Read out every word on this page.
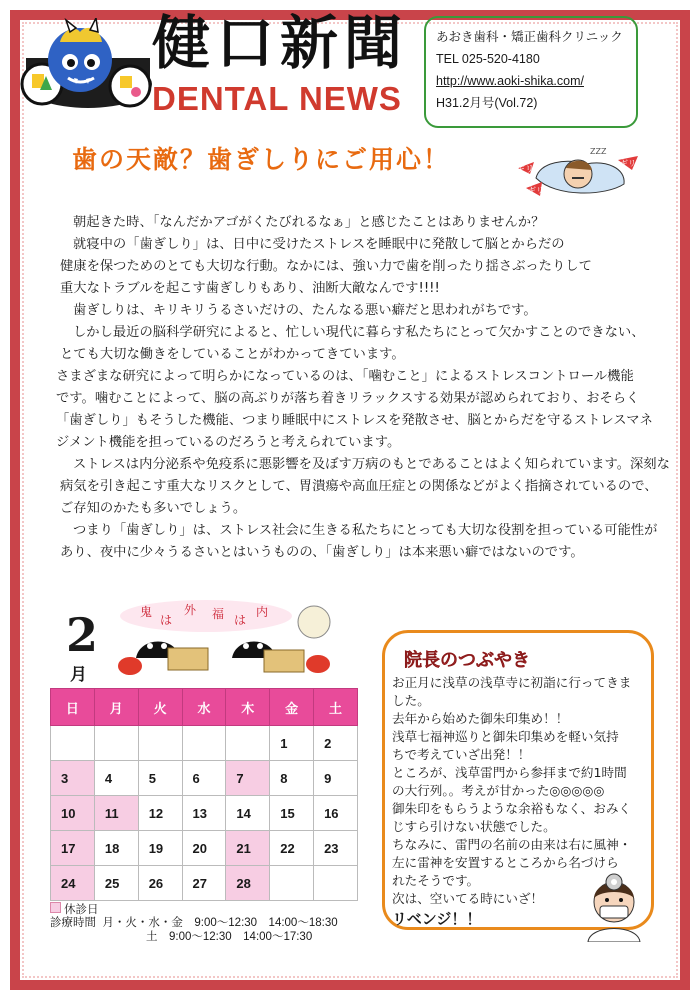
健口新聞
DENTAL NEWS
あおき歯科・矯正歯科クリニック
TEL 025-520-4180
http://www.aoki-shika.com/
H31.2月号(Vol.72)
歯の天敵？歯ぎしりにご用心！	ギリ
ギリ
ギリ
ZZZ

朝起きた時、「なんだかアゴがくたびれるなぁ」と感じたことはありませんか？

就寝中の「歯ぎしり」は、日中に受けたストレスを睡眠中に発散して脳とからだの

健康を保つためのとても大切な行動。なかには、強い力で歯を削ったり揺さぶったりして

重大なトラブルを起こす歯ぎしりもあり、油断大敵なんです!!!!

歯ぎしりは、キリキリうるさいだけの、たんなる悪い癖だと思われがちです。

しかし最近の脳科学研究によると、忙しい現代に暮らす私たちにとって欠かすことのできない、

とても大切な働きをしていることがわかってきています。

さまざまな研究によって明らかになっているのは、「噛むこと」によるストレスコントロール機能

です。噛むことによって、脳の高ぶりが落ち着きリラックスする効果が認められており、おそらく

「歯ぎしり」もそうした機能、つまり睡眠中にストレスを発散させ、脳とからだを守るストレスマネ

ジメント機能を担っているのだろうと考えられています。

ストレスは内分泌系や免疫系に悪影響を及ぼす万病のもとであることはよく知られています。深刻な

病気を引き起こす重大なリスクとして、胃潰瘍や高血圧症との関係などがよく指摘されているので、

ご存知のかたも多いでしょう。

つまり「歯ぎしり」は、ストレス社会に生きる私たちにとっても大切な役割を担っている可能性が

あり、夜中に少々うるさいとはいうものの、「歯ぎしり」は本来悪い癖ではないのです。

鬼
は
外 福 は
内
2
月
日	月	火	水	木	金	土
					1	2
3	4	5	6	7	8	9
10	11	12	13	14	15	16
17	18	19	20	21	22	23
24	25	26	27	28		
休診日
診療時間 月・火・水・金　9:00～12:30　14:00～18:30
土　9:00～12:30　14:00～17:30
院長のつぶやき

お正月に浅草の浅草寺に初詣に行ってきま

した。

去年から始めた御朱印集め！！

浅草七福神巡りと御朱印集めを軽い気持

ちで考えていざ出発！！

ところが、浅草雷門から参拝まで約1時間

の大行列。。考えが甘かった◎◎◎◎◎

御朱印をもらうような余裕もなく、おみく

じすら引けない状態でした。

ちなみに、雷門の名前の由来は右に風神・

左に雷神を安置するところから名づけら

れたそうです。

次は、空いてる時にいざ！

リベンジ！！
